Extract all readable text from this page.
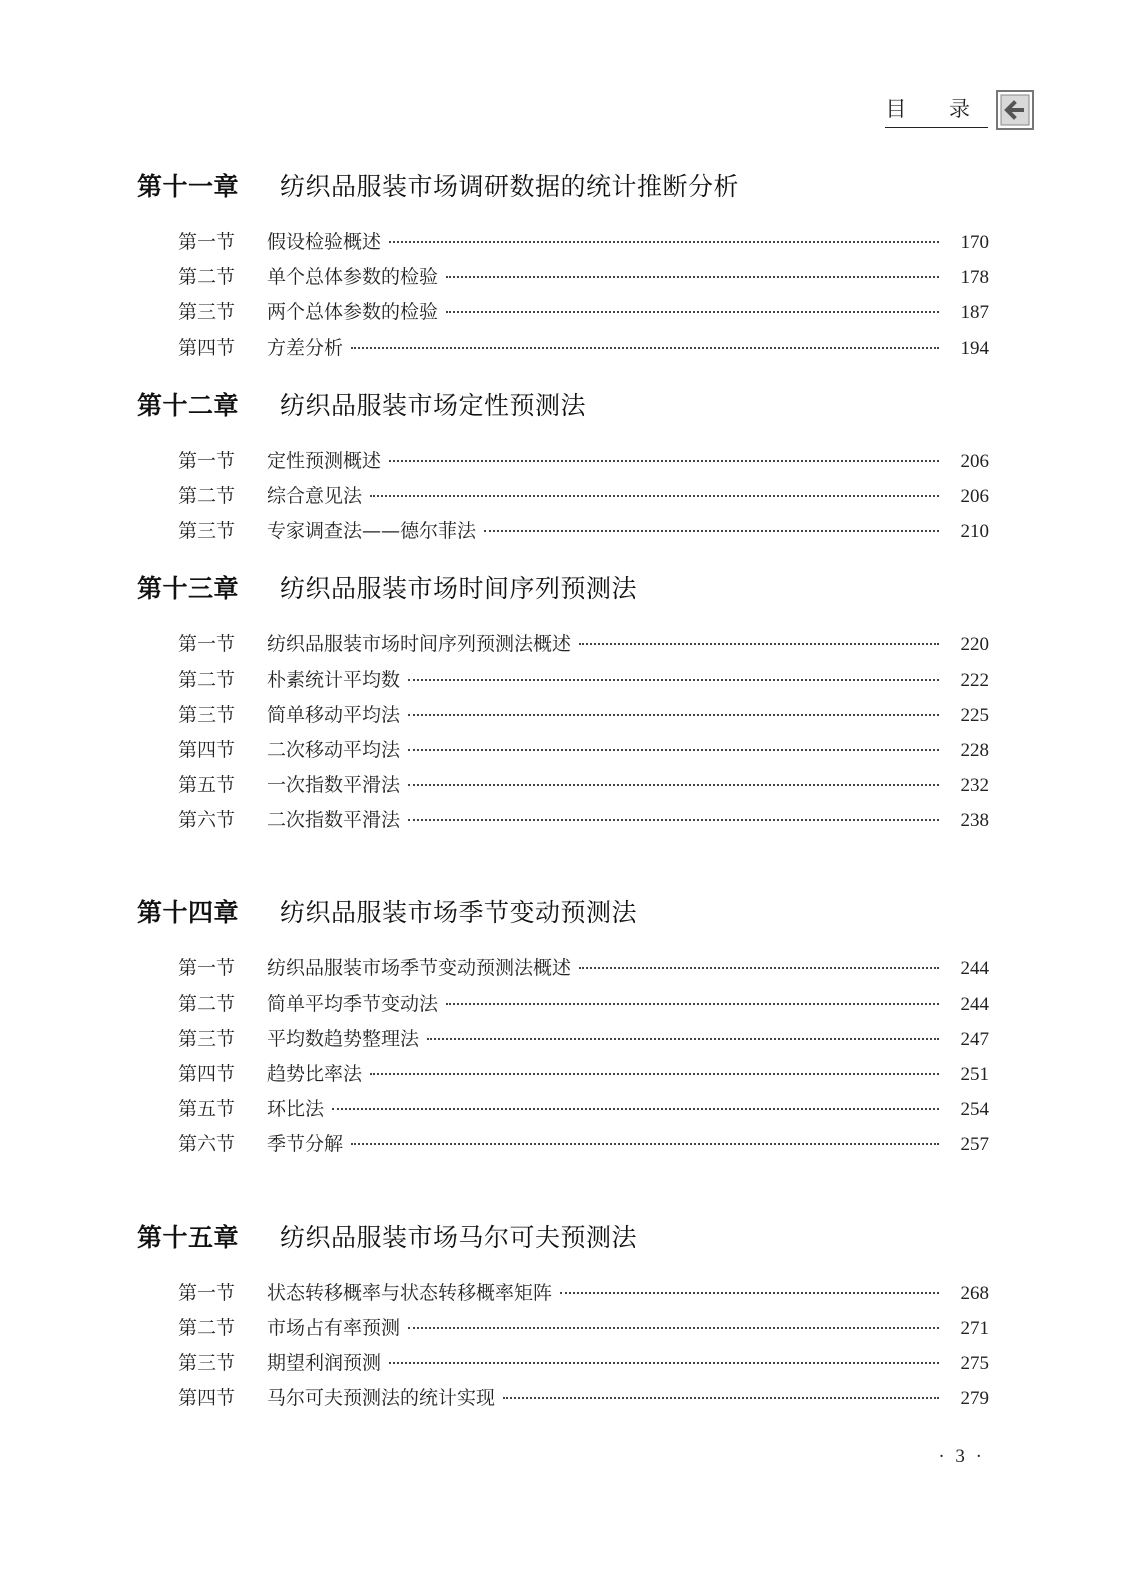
目 录
第十一章	纺织品服装市场调研数据的统计推断分析
第一节	假设检验概述	170
第二节	单个总体参数的检验	178
第三节	两个总体参数的检验	187
第四节	方差分析	194
第十二章	纺织品服装市场定性预测法
第一节	定性预测概述	206
第二节	综合意见法	206
第三节	专家调查法——德尔菲法	210
第十三章	纺织品服装市场时间序列预测法
第一节	纺织品服装市场时间序列预测法概述	220
第二节	朴素统计平均数	222
第三节	简单移动平均法	225
第四节	二次移动平均法	228
第五节	一次指数平滑法	232
第六节	二次指数平滑法	238
第十四章	纺织品服装市场季节变动预测法
第一节	纺织品服装市场季节变动预测法概述	244
第二节	简单平均季节变动法	244
第三节	平均数趋势整理法	247
第四节	趋势比率法	251
第五节	环比法	254
第六节	季节分解	257
第十五章	纺织品服装市场马尔可夫预测法
第一节	状态转移概率与状态转移概率矩阵	268
第二节	市场占有率预测	271
第三节	期望利润预测	275
第四节	马尔可夫预测法的统计实现	279
· 3 ·
